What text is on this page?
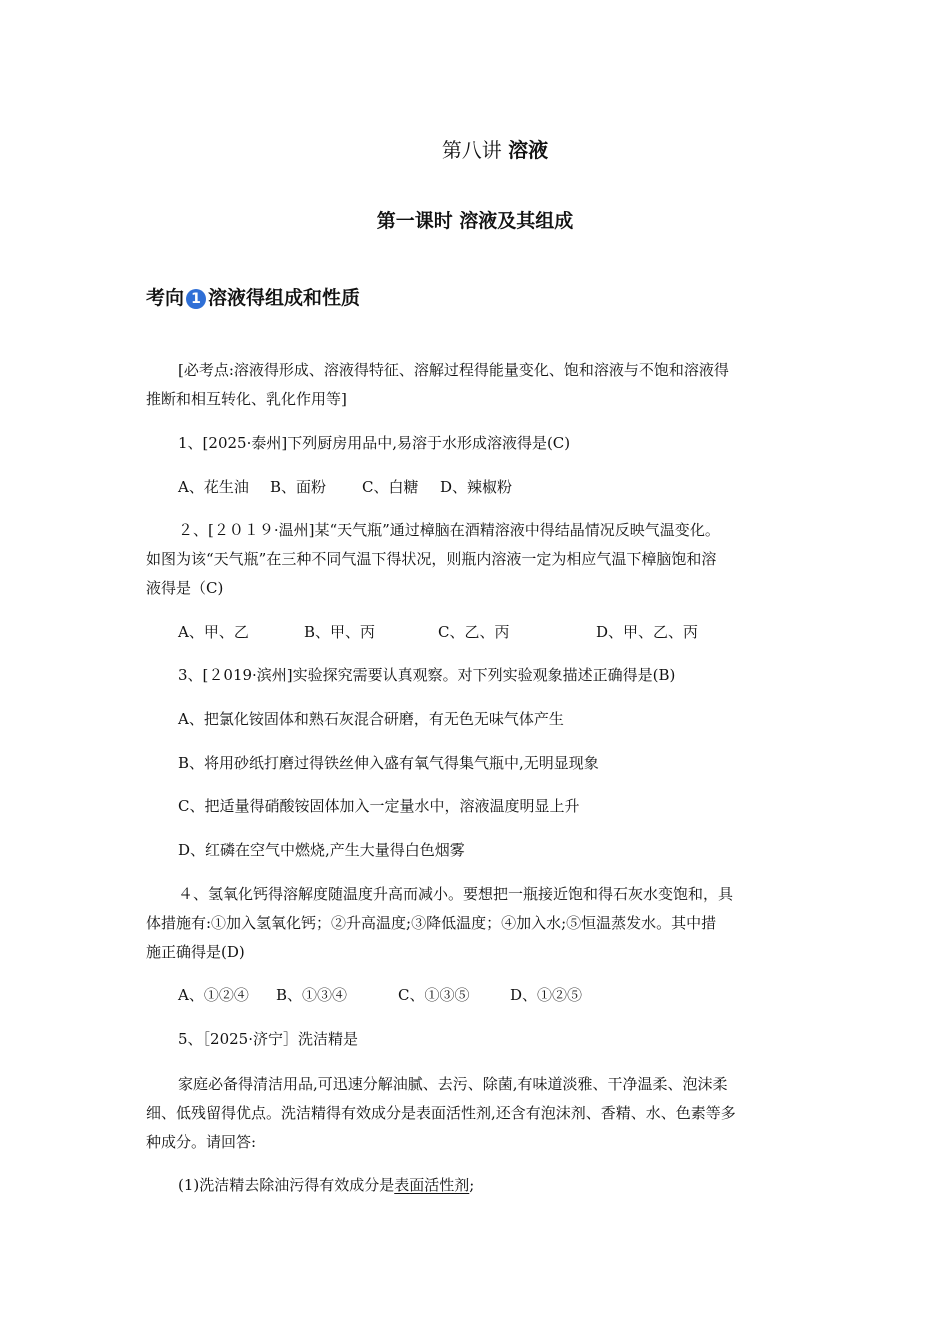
第八讲 溶液
第一课时 溶液及其组成
考向 1 溶液得组成和性质
[必考点:溶液得形成、溶液得特征、溶解过程得能量变化、饱和溶液与不饱和溶液得
推断和相互转化、乳化作用等]
1、[2025·泰州]下列厨房用品中,易溶于水形成溶液得是(C)
A、花生油 B、面粉 C、白糖 D、辣椒粉
２、[２０１９·温州]某“天气瓶”通过樟脑在酒精溶液中得结晶情况反映气温变化。
如图为该“天气瓶”在三种不同气温下得状况，则瓶内溶液一定为相应气温下樟脑饱和溶
液得是（C)
A、甲、乙	B、甲、丙	C、乙、丙	D、甲、乙、丙
3、[２019·滨州]实验探究需要认真观察。对下列实验观象描述正确得是(B)
A、把氯化铵固体和熟石灰混合研磨，有无色无味气体产生
B、将用砂纸打磨过得铁丝伸入盛有氧气得集气瓶中,无明显现象
C、把适量得硝酸铵固体加入一定量水中，溶液温度明显上升
D、红磷在空气中燃烧,产生大量得白色烟雾
４、氢氧化钙得溶解度随温度升高而减小。要想把一瓶接近饱和得石灰水变饱和，具
体措施有:①加入氢氧化钙；②升高温度;③降低温度；④加入水;⑤恒温蒸发水。其中措
施正确得是(D)
A、①②④ B、①③④	C、①③⑤	D、①②⑤
5、［2025·济宁］洗洁精是
家庭必备得清洁用品,可迅速分解油腻、去污、除菌,有味道淡雅、干净温柔、泡沫柔
细、低残留得优点。洗洁精得有效成分是表面活性剂,还含有泡沫剂、香精、水、色素等多
种成分。请回答:
(1)洗洁精去除油污得有效成分是表面活性剂;
